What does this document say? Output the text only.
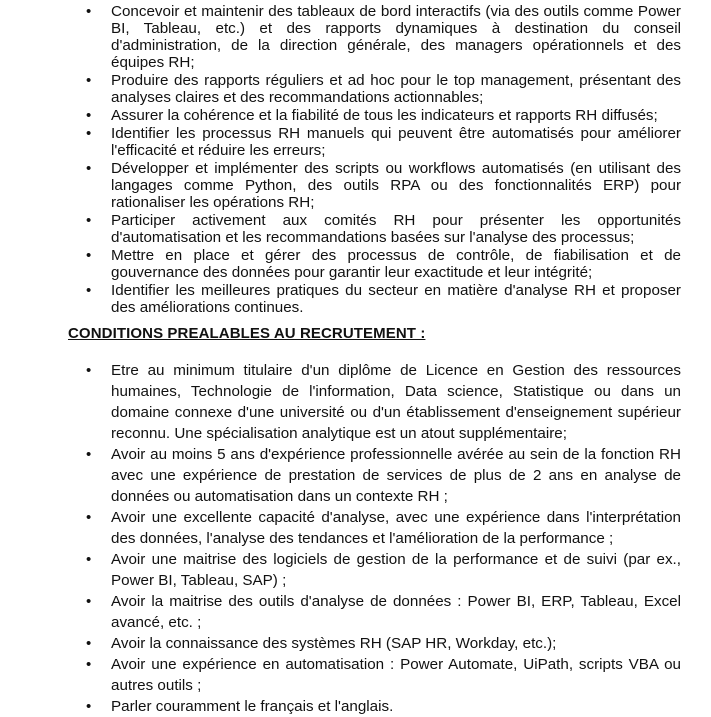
• Concevoir et maintenir des tableaux de bord interactifs (via des outils comme Power BI, Tableau, etc.) et des rapports dynamiques à destination du conseil d'administration, de la direction générale, des managers opérationnels et des équipes RH;
• Produire des rapports réguliers et ad hoc pour le top management, présentant des analyses claires et des recommandations actionnables;
• Assurer la cohérence et la fiabilité de tous les indicateurs et rapports RH diffusés;
• Identifier les processus RH manuels qui peuvent être automatisés pour améliorer l'efficacité et réduire les erreurs;
• Développer et implémenter des scripts ou workflows automatisés (en utilisant des langages comme Python, des outils RPA ou des fonctionnalités ERP) pour rationaliser les opérations RH;
• Participer activement aux comités RH pour présenter les opportunités d'automatisation et les recommandations basées sur l'analyse des processus;
• Mettre en place et gérer des processus de contrôle, de fiabilisation et de gouvernance des données pour garantir leur exactitude et leur intégrité;
• Identifier les meilleures pratiques du secteur en matière d'analyse RH et proposer des améliorations continues.
CONDITIONS PREALABLES AU RECRUTEMENT :
• Etre au minimum titulaire d'un diplôme de Licence en Gestion des ressources humaines, Technologie de l'information, Data science, Statistique ou dans un domaine connexe d'une université ou d'un établissement d'enseignement supérieur reconnu. Une spécialisation analytique est un atout supplémentaire;
• Avoir au moins 5 ans d'expérience professionnelle avérée au sein de la fonction RH avec une expérience de prestation de services de plus de 2 ans en analyse de données ou automatisation dans un contexte RH ;
• Avoir une excellente capacité d'analyse, avec une expérience dans l'interprétation des données, l'analyse des tendances et l'amélioration de la performance ;
• Avoir une maitrise des logiciels de gestion de la performance et de suivi (par ex., Power BI, Tableau, SAP) ;
• Avoir la maitrise des outils d'analyse de données : Power BI, ERP, Tableau, Excel avancé, etc. ;
• Avoir la connaissance des systèmes RH (SAP HR, Workday, etc.);
• Avoir une expérience en automatisation : Power Automate, UiPath, scripts VBA ou autres outils ;
• Parler couramment le français et l'anglais.
